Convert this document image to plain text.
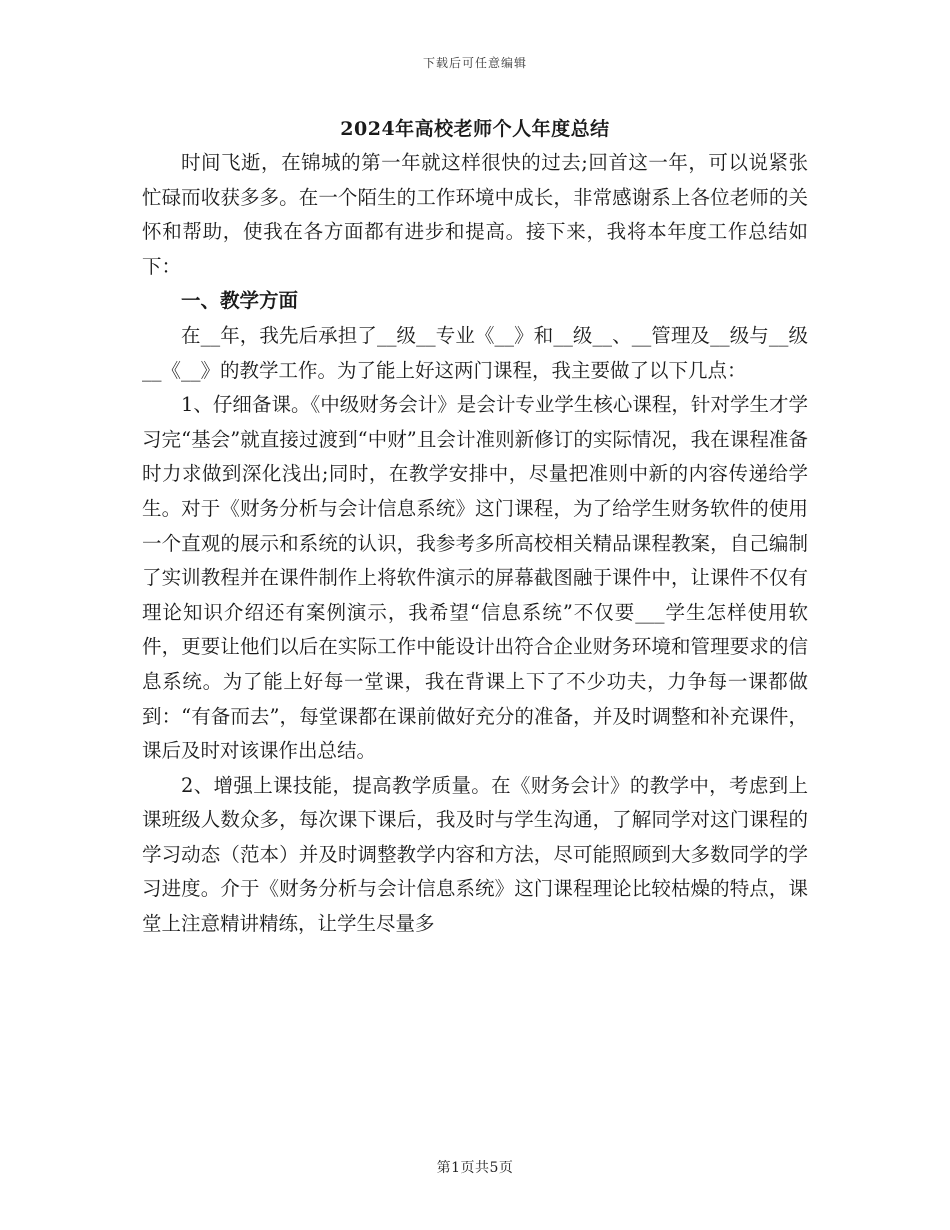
下载后可任意编辑
2024年高校老师个人年度总结

时间飞逝，在锦城的第一年就这样很快的过去;回首这一年，可以说紧张忙碌而收获多多。在一个陌生的工作环境中成长，非常感谢系上各位老师的关怀和帮助，使我在各方面都有进步和提高。接下来，我将本年度工作总结如下：

一、教学方面

在__年，我先后承担了__级__专业《__》和__级__、__管理及__级与__级__《__》的教学工作。为了能上好这两门课程，我主要做了以下几点：

1、仔细备课。《中级财务会计》是会计专业学生核心课程，针对学生才学习完“基会”就直接过渡到“中财”且会计准则新修订的实际情况，我在课程准备时力求做到深化浅出;同时，在教学安排中，尽量把准则中新的内容传递给学生。对于《财务分析与会计信息系统》这门课程，为了给学生财务软件的使用一个直观的展示和系统的认识，我参考多所高校相关精品课程教案，自己编制了实训教程并在课件制作上将软件演示的屏幕截图融于课件中，让课件不仅有理论知识介绍还有案例演示，我希望“信息系统”不仅要___学生怎样使用软件，更要让他们以后在实际工作中能设计出符合企业财务环境和管理要求的信息系统。为了能上好每一堂课，我在背课上下了不少功夫，力争每一课都做到：“有备而去”，每堂课都在课前做好充分的准备，并及时调整和补充课件，课后及时对该课作出总结。

2、增强上课技能，提高教学质量。在《财务会计》的教学中，考虑到上课班级人数众多，每次课下课后，我及时与学生沟通，了解同学对这门课程的学习动态（范本）并及时调整教学内容和方法，尽可能照顾到大多数同学的学习进度。介于《财务分析与会计信息系统》这门课程理论比较枯燥的特点，课堂上注意精讲精练，让学生尽量多

第1页共5页
